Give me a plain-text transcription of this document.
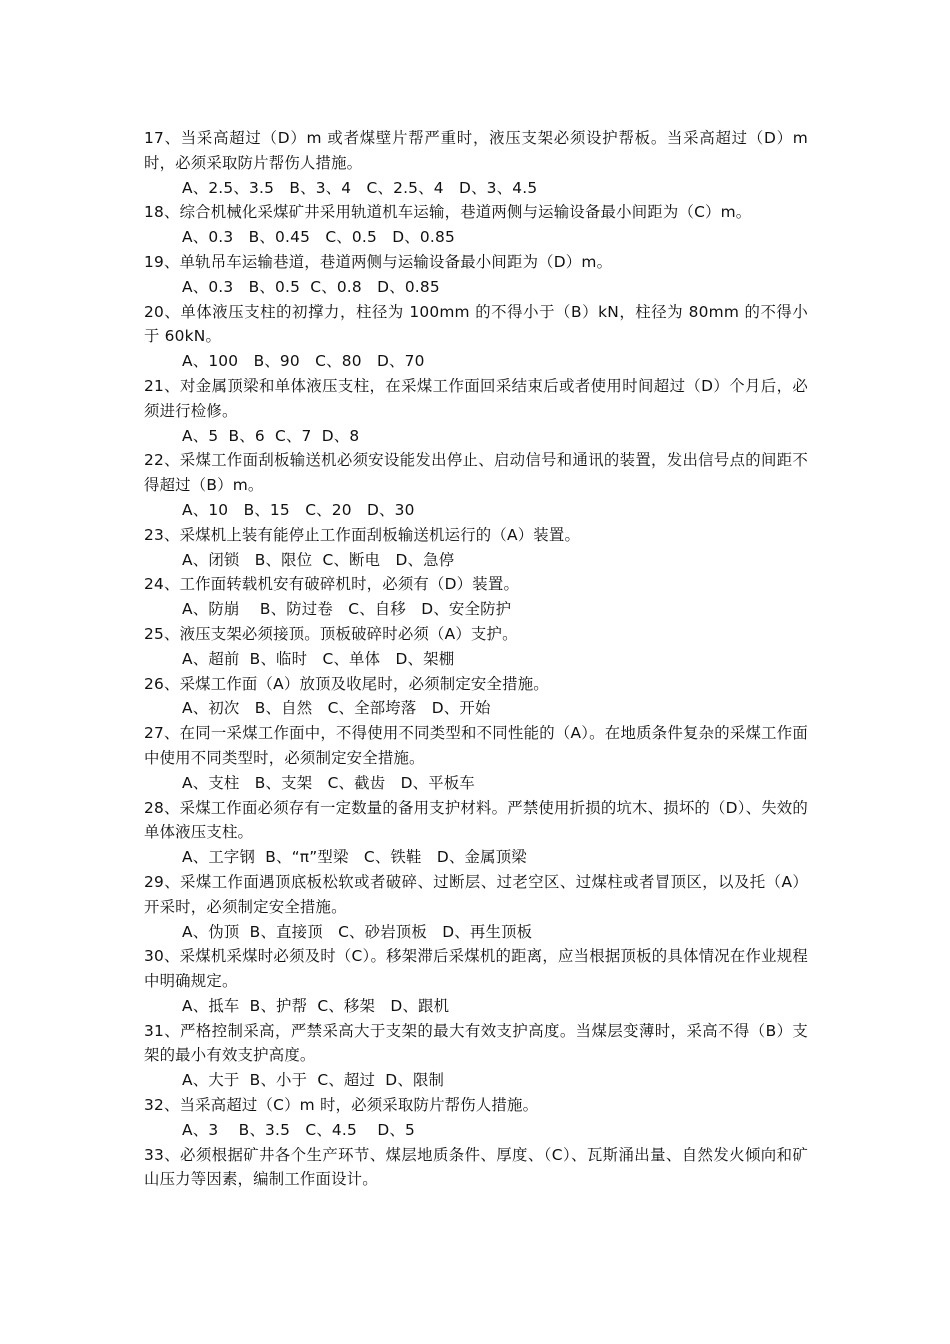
17、当采高超过（D）m 或者煤壁片帮严重时，液压支架必须设护帮板。当采高超过（D）m 时，必须采取防片帮伤人措施。

A、2.5、3.5   B、3、4   C、2.5、4   D、3、4.5

18、综合机械化采煤矿井采用轨道机车运输，巷道两侧与运输设备最小间距为（C）m。

A、0.3   B、0.45   C、0.5   D、0.85

19、单轨吊车运输巷道，巷道两侧与运输设备最小间距为（D）m。

A、0.3   B、0.5  C、0.8   D、0.85

20、单体液压支柱的初撑力，柱径为 100mm 的不得小于（B）kN，柱径为 80mm 的不得小于 60kN。

A、100   B、90   C、80   D、70

21、对金属顶梁和单体液压支柱，在采煤工作面回采结束后或者使用时间超过（D）个月后，必须进行检修。

A、5  B、6  C、7  D、8

22、采煤工作面刮板输送机必须安设能发出停止、启动信号和通讯的装置，发出信号点的间距不得超过（B）m。

A、10   B、15   C、20   D、30

23、采煤机上装有能停止工作面刮板输送机运行的（A）装置。

A、闭锁   B、限位  C、断电   D、急停

24、工作面转载机安有破碎机时，必须有（D）装置。

A、防崩    B、防过卷   C、自移   D、安全防护

25、液压支架必须接顶。顶板破碎时必须（A）支护。

A、超前  B、临时   C、单体   D、架棚

26、采煤工作面（A）放顶及收尾时，必须制定安全措施。

A、初次   B、自然   C、全部垮落   D、开始

27、在同一采煤工作面中，不得使用不同类型和不同性能的（A）。在地质条件复杂的采煤工作面中使用不同类型时，必须制定安全措施。

A、支柱   B、支架   C、截齿   D、平板车

28、采煤工作面必须存有一定数量的备用支护材料。严禁使用折损的坑木、损坏的（D）、失效的单体液压支柱。

A、工字钢  B、“π”型梁   C、铁鞋   D、金属顶梁

29、采煤工作面遇顶底板松软或者破碎、过断层、过老空区、过煤柱或者冒顶区，以及托（A）开采时，必须制定安全措施。

A、伪顶  B、直接顶   C、砂岩顶板   D、再生顶板

30、采煤机采煤时必须及时（C）。移架滞后采煤机的距离，应当根据顶板的具体情况在作业规程中明确规定。

A、抵车  B、护帮  C、移架   D、跟机

31、严格控制采高，严禁采高大于支架的最大有效支护高度。当煤层变薄时，采高不得（B）支架的最小有效支护高度。

A、大于  B、小于  C、超过  D、限制

32、当采高超过（C）m 时，必须采取防片帮伤人措施。

A、3    B、3.5   C、4.5    D、5

33、必须根据矿井各个生产环节、煤层地质条件、厚度、（C）、瓦斯涌出量、自然发火倾向和矿山压力等因素，编制工作面设计。
